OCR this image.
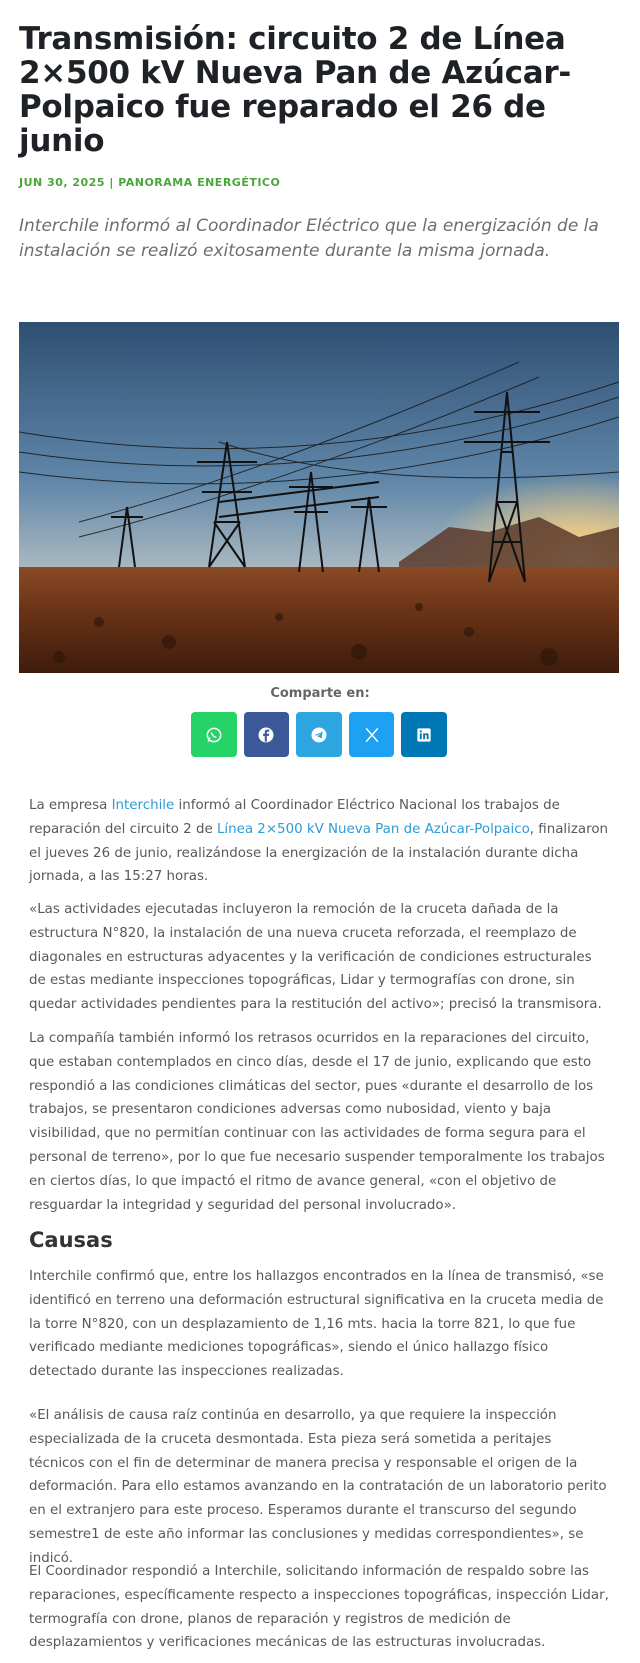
Transmisión: circuito 2 de Línea 2×500 kV Nueva Pan de Azúcar-Polpaico fue reparado el 26 de junio
JUN 30, 2025 | PANORAMA ENERGÉTICO

Interchile informó al Coordinador Eléctrico que la energización de la instalación se realizó exitosamente durante la misma jornada.

Comparte en:

La empresa Interchile informó al Coordinador Eléctrico Nacional los trabajos de reparación del circuito 2 de Línea 2×500 kV Nueva Pan de Azúcar-Polpaico, finalizaron el jueves 26 de junio, realizándose la energización de la instalación durante dicha jornada, a las 15:27 horas.

«Las actividades ejecutadas incluyeron la remoción de la cruceta dañada de la estructura N°820, la instalación de una nueva cruceta reforzada, el reemplazo de diagonales en estructuras adyacentes y la verificación de condiciones estructurales de estas mediante inspecciones topográficas, Lidar y termografías con drone, sin quedar actividades pendientes para la restitución del activo»; precisó la transmisora.

La compañía también informó los retrasos ocurridos en la reparaciones del circuito, que estaban contemplados en cinco días, desde el 17 de junio, explicando que esto respondió a las condiciones climáticas del sector, pues «durante el desarrollo de los trabajos, se presentaron condiciones adversas como nubosidad, viento y baja visibilidad, que no permitían continuar con las actividades de forma segura para el personal de terreno», por lo que fue necesario suspender temporalmente los trabajos en ciertos días, lo que impactó el ritmo de avance general, «con el objetivo de resguardar la integridad y seguridad del personal involucrado».

Causas

Interchile confirmó que, entre los hallazgos encontrados en la línea de transmisó, «se identificó en terreno una deformación estructural significativa en la cruceta media de la torre N°820, con un desplazamiento de 1,16 mts. hacia la torre 821, lo que fue verificado mediante mediciones topográficas», siendo el único hallazgo físico detectado durante las inspecciones realizadas.

«El análisis de causa raíz continúa en desarrollo, ya que requiere la inspección especializada de la cruceta desmontada. Esta pieza será sometida a peritajes técnicos con el fin de determinar de manera precisa y responsable el origen de la deformación. Para ello estamos avanzando en la contratación de un laboratorio perito en el extranjero para este proceso. Esperamos durante el transcurso del segundo semestre1 de este año informar las conclusiones y medidas correspondientes», se indicó.

El Coordinador respondió a Interchile, solicitando información de respaldo sobre las reparaciones, específicamente respecto a inspecciones topográficas, inspección Lidar, termografía con drone, planos de reparación y registros de medición de desplazamientos y verificaciones mecánicas de las estructuras involucradas.
